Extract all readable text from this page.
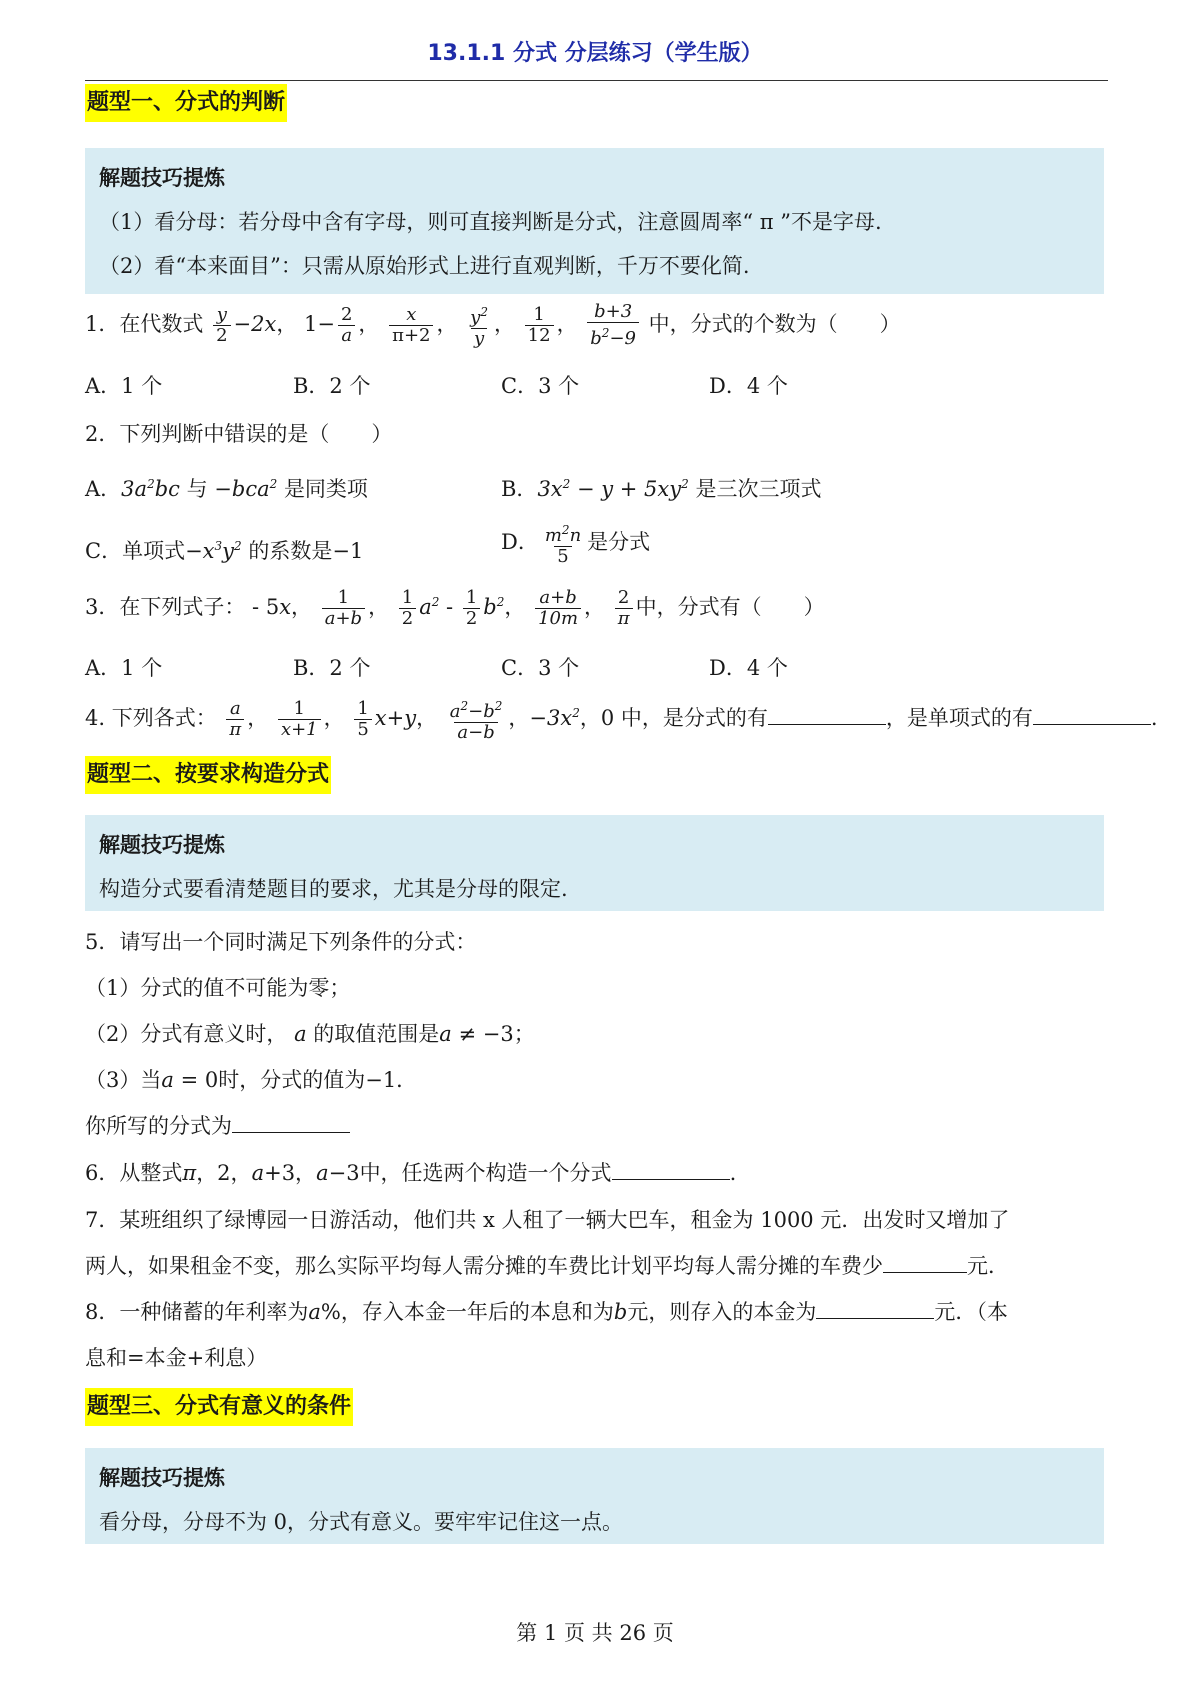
13.1.1 分式 分层练习（学生版）
题型一、分式的判断
解题技巧提炼
（1）看分母：若分母中含有字母，则可直接判断是分式，注意圆周率“ π ”不是字母.
（2）看“本来面目”：只需从原始形式上进行直观判断，千万不要化简.
1．在代数式 $\frac{y}{2} -2x$， $1- \frac{2}{a}$ ， $\frac{x}{\pi+2}$ ， $\frac{y^2}{y}$ ， $\frac{1}{12}$ ， $\frac{b+3}{b^2-9}$ 中，分式的个数为（　　）
A．1 个	B．2 个	C．3 个	D．4 个
2．下列判断中错误的是（　　）
A．$3a^2bc$ 与 −bca$^2$ 是同类项	B．$3x^2 - y + 5xy^2$ 是三次三项式
C．单项式$-x^3y^2$ 的系数是−1	D． $\frac{m^2n}{5}$ 是分式
3．在下列式子： - 5x， $\frac{1}{a+b}$ ， $\frac{1}{2} a^2 - \frac{1}{2} b^2$， $\frac{a+b}{10m}$ ， $\frac{2}{\pi}$ 中，分式有（　　）
A．1 个	B．2 个	C．3 个	D．4 个
4. 下列各式： $\frac{a}{\pi}$ ， $\frac{1}{x+1}$ ， $\frac{1}{5} x+y$， $\frac{a^2-b^2}{a-b}$ ，$-3x^2$，0 中，是分式的有	，是单项式的有	.
题型二、按要求构造分式
解题技巧提炼
构造分式要看清楚题目的要求，尤其是分母的限定.
5．请写出一个同时满足下列条件的分式：
（1）分式的值不可能为零；
（2）分式有意义时， a 的取值范围是a ≠ −3；
（3）当a = 0时，分式的值为−1．
你所写的分式为
6．从整式π，2，a+3，a−3中，任选两个构造一个分式	.
7．某班组织了绿博园一日游活动，他们共 x 人租了一辆大巴车，租金为 1000 元．出发时又增加了
两人，如果租金不变，那么实际平均每人需分摊的车费比计划平均每人需分摊的车费少	元．
8．一种储蓄的年利率为a%，存入本金一年后的本息和为b元，则存入的本金为	元．（本
息和=本金+利息）
题型三、分式有意义的条件
解题技巧提炼
看分母，分母不为 0，分式有意义。要牢牢记住这一点。
第 1 页 共 26 页
